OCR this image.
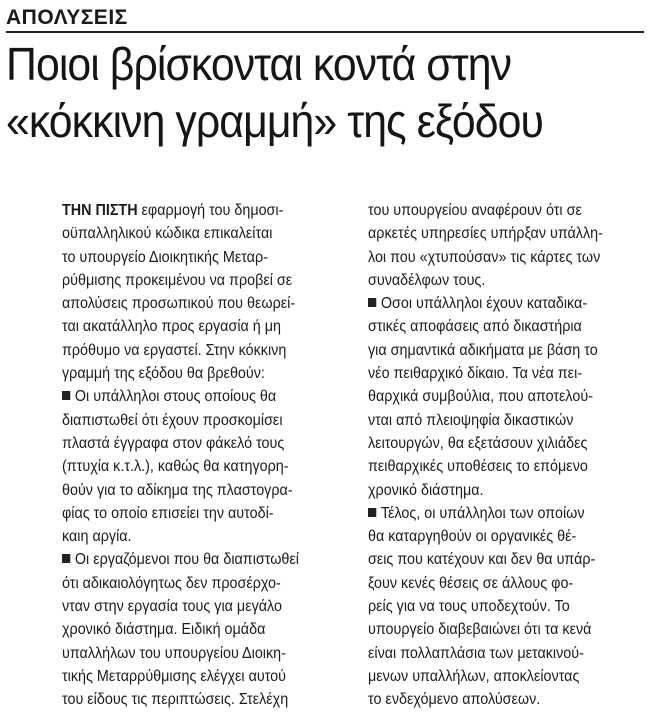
ΑΠΟΛΥΣΕΙΣ
Ποιοι βρίσκονται κοντά στην
«κόκκινη γραμμή» της εξόδου
ΤΗΝ ΠΙΣΤΗ εφαρμογή του δημοσι-
οϋπαλληλικού κώδικα επικαλείται
το υπουργείο Διοικητικής Μεταρ-
ρύθμισης προκειμένου να προβεί σε
απολύσεις προσωπικού που θεωρεί-
ται ακατάλληλο προς εργασία ή μη
πρόθυμο να εργαστεί. Στην κόκκινη
γραμμή της εξόδου θα βρεθούν:
Οι υπάλληλοι στους οποίους θα
διαπιστωθεί ότι έχουν προσκομίσει
πλαστά έγγραφα στον φάκελό τους
(πτυχία κ.τ.λ.), καθώς θα κατηγορη-
θούν για το αδίκημα της πλαστογρα-
φίας το οποίο επισείει την αυτοδί-
καιη αργία.
Οι εργαζόμενοι που θα διαπιστωθεί
ότι αδικαιολόγητως δεν προσέρχο-
νταν στην εργασία τους για μεγάλο
χρονικό διάστημα. Ειδική ομάδα
υπαλλήλων του υπουργείου Διοικη-
τικής Μεταρρύθμισης ελέγχει αυτού
του είδους τις περιπτώσεις. Στελέχη
του υπουργείου αναφέρουν ότι σε
αρκετές υπηρεσίες υπήρξαν υπάλλη-
λοι που «χτυπούσαν» τις κάρτες των
συναδέλφων τους.
Οσοι υπάλληλοι έχουν καταδικα-
στικές αποφάσεις από δικαστήρια
για σημαντικά αδικήματα με βάση το
νέο πειθαρχικό δίκαιο. Τα νέα πει-
θαρχικά συμβούλια, που αποτελού-
νται από πλειοψηφία δικαστικών
λειτουργών, θα εξετάσουν χιλιάδες
πειθαρχικές υποθέσεις το επόμενο
χρονικό διάστημα.
Τέλος, οι υπάλληλοι των οποίων
θα καταργηθούν οι οργανικές θέ-
σεις που κατέχουν και δεν θα υπάρ-
ξουν κενές θέσεις σε άλλους φο-
ρείς για να τους υποδεχτούν. Το
υπουργείο διαβεβαιώνει ότι τα κενά
είναι πολλαπλάσια των μετακινού-
μενων υπαλλήλων, αποκλείοντας
το ενδεχόμενο απολύσεων.
